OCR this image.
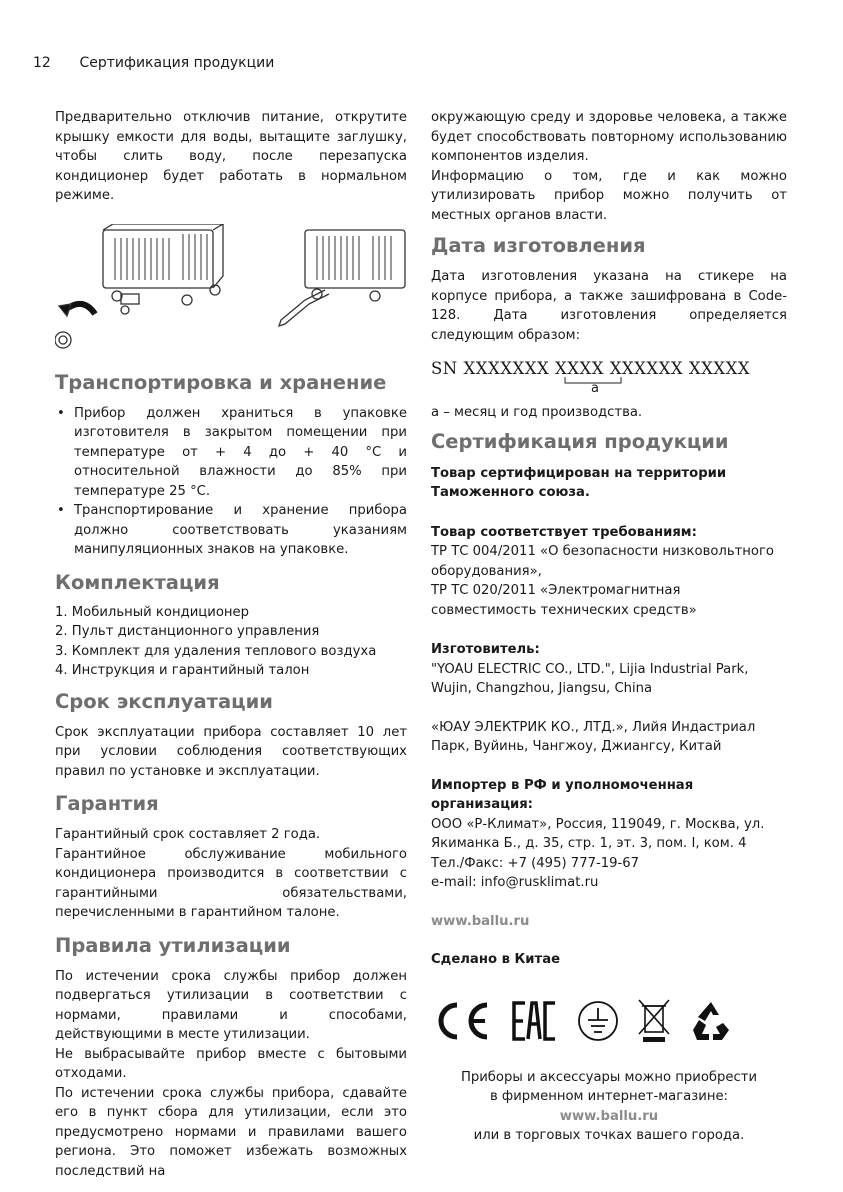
12 Сертификация продукции

Предварительно отключив питание, открутите крышку емкости для воды, вытащите заглушку, чтобы слить воду, после перезапуска кондиционер будет работать в нормальном режиме.

Транспортировка и хранение
• Прибор должен храниться в упаковке изготовителя в закрытом помещении при температуре от + 4 до + 40 °С и относительной влажности до 85% при температуре 25 °С.
• Транспортирование и хранение прибора должно соответствовать указаниям манипуляционных знаков на упаковке.
Комплектация
1. Мобильный кондиционер
2. Пульт дистанционного управления
3. Комплект для удаления теплового воздуха
4. Инструкция и гарантийный талон
Срок эксплуатации

Срок эксплуатации прибора составляет 10 лет при условии соблюдения соответствующих правил по установке и эксплуатации.

Гарантия

Гарантийный срок составляет 2 года.

Гарантийное обслуживание мобильного кондиционера производится в соответствии с гарантийными обязательствами, перечисленными в гарантийном талоне.

Правила утилизации

По истечении срока службы прибор должен подвергаться утилизации в соответствии с нормами, правилами и способами, действующими в месте утилизации.

Не выбрасывайте прибор вместе с бытовыми отходами.

По истечении срока службы прибора, сдавайте его в пункт сбора для утилизации, если это предусмотрено нормами и правилами вашего региона. Это поможет избежать возможных последствий на

окружающую среду и здоровье человека, а также будет способствовать повторному использованию компонентов изделия.

Информацию о том, где и как можно утилизировать прибор можно получить от местных органов власти.

Дата изготовления

Дата изготовления указана на стикере на корпусе прибора, а также зашифрована в Code-128. Дата изготовления определяется следующим образом:

SN XXXXXXX XXXX XXXXXX XXXXX
a

а – месяц и год производства.

Сертификация продукции

Товар сертифицирован на территории Таможенного союза.

Товар соответствует требованиям:

ТР ТС 004/2011 «О безопасности низковольтного оборудования»,

ТР ТС 020/2011 «Электромагнитная совместимость технических средств»

Изготовитель:

"YOAU ELECTRIC CO., LTD.", Lijia Industrial Park, Wujin, Changzhou, Jiangsu, China

«ЮАУ ЭЛЕКТРИК КО., ЛТД.», Лийя Индастриал Парк, Вуйинь, Чангжоу, Джиангсу, Китай

Импортер в РФ и уполномоченная организация:

ООО «Р-Климат», Россия, 119049, г. Москва, ул. Якиманка Б., д. 35, стр. 1, эт. 3, пом. I, ком. 4

Тел./Факс: +7 (495) 777-19-67

e-mail: info@rusklimat.ru

www.ballu.ru

Сделано в Китае

Приборы и аксессуары можно приобрести

в фирменном интернет-магазине:

www.ballu.ru

или в торговых точках вашего города.
